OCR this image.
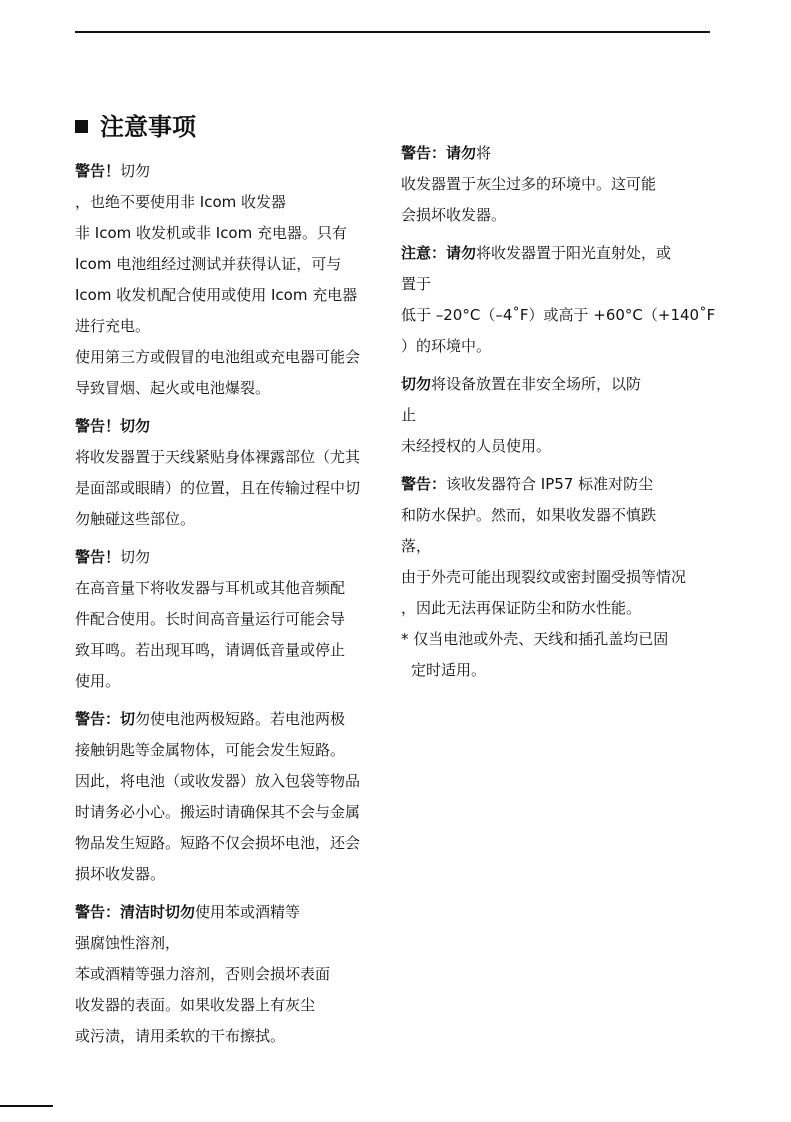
注意事项
警告！切勿
，也绝不要使用非 Icom 收发器
非 Icom 收发机或非 Icom 充电器。只有
Icom 电池组经过测试并获得认证，可与
Icom 收发机配合使用或使用 Icom 充电器
进行充电。
使用第三方或假冒的电池组或充电器可能会
导致冒烟、起火或电池爆裂。
警告！切勿
将收发器置于天线紧贴身体裸露部位（尤其
是面部或眼睛）的位置，且在传输过程中切
勿触碰这些部位。
警告！切勿
在高音量下将收发器与耳机或其他音频配
件配合使用。长时间高音量运行可能会导
致耳鸣。若出现耳鸣，请调低音量或停止
使用。
警告：切勿使电池两极短路。若电池两极
接触钥匙等金属物体，可能会发生短路。
因此，将电池（或收发器）放入包袋等物品
时请务必小心。搬运时请确保其不会与金属
物品发生短路。短路不仅会损坏电池，还会
损坏收发器。
警告：清洁时切勿使用苯或酒精等
强腐蚀性溶剂，
苯或酒精等强力溶剂，否则会损坏表面
收发器的表面。如果收发器上有灰尘
或污渍，请用柔软的干布擦拭。
警告：请勿将
收发器置于灰尘过多的环境中。这可能
会损坏收发器。
注意：请勿将收发器置于阳光直射处，或
置于
低于 –20°C（–4˚F）或高于 +60°C（+140˚F
）的环境中。
切勿将设备放置在非安全场所，以防
止
未经授权的人员使用。
警告：该收发器符合 IP57 标准对防尘
和防水保护。然而，如果收发器不慎跌
落，
由于外壳可能出现裂纹或密封圈受损等情况
，因此无法再保证防尘和防水性能。
* 仅当电池或外壳、天线和插孔盖均已固
定时适用。
